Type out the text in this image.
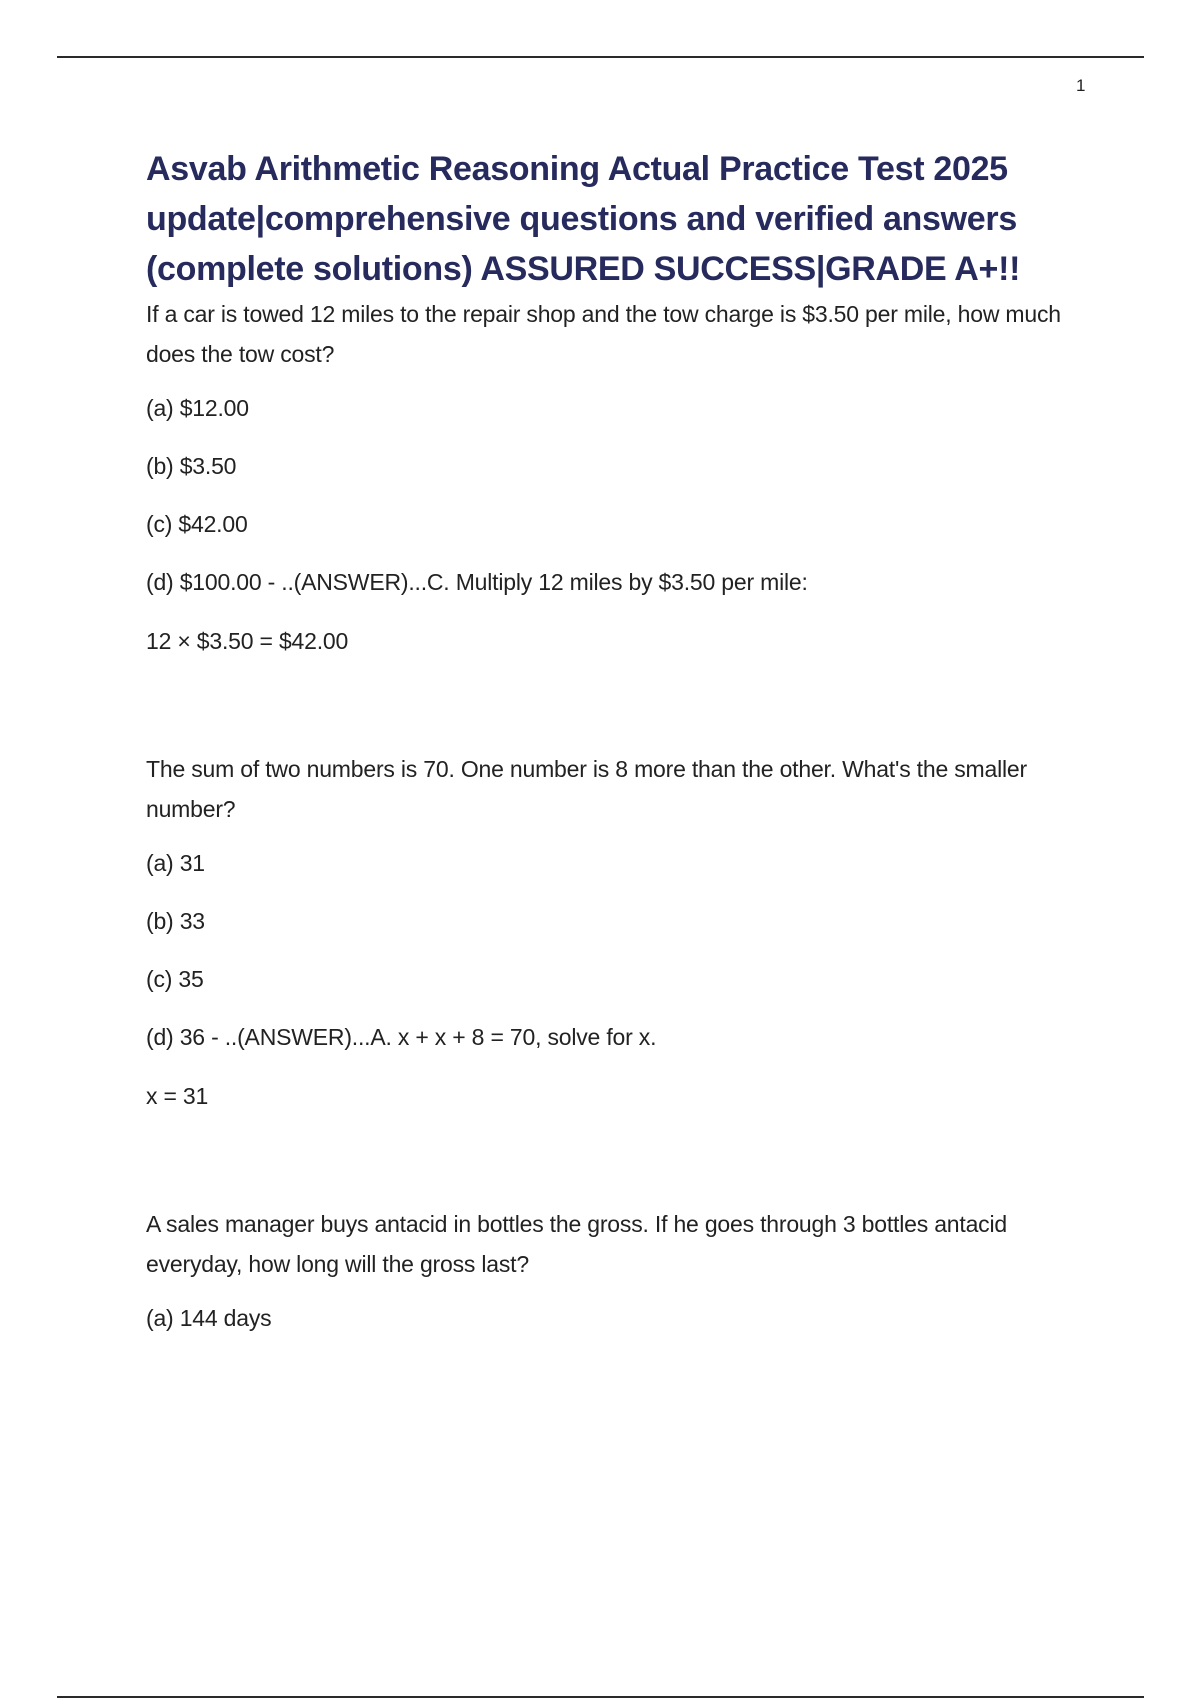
1
Asvab Arithmetic Reasoning Actual Practice Test 2025 update|comprehensive questions and verified answers (complete solutions) ASSURED SUCCESS|GRADE A+!!

If a car is towed 12 miles to the repair shop and the tow charge is $3.50 per mile, how much does the tow cost?

(a) $12.00

(b) $3.50

(c) $42.00

(d) $100.00 - ..(ANSWER)...C. Multiply 12 miles by $3.50 per mile:

12 × $3.50 = $42.00

The sum of two numbers is 70. One number is 8 more than the other. What's the smaller number?

(a) 31

(b) 33

(c) 35

(d) 36 - ..(ANSWER)...A. x + x + 8 = 70, solve for x.

x = 31

A sales manager buys antacid in bottles the gross. If he goes through 3 bottles antacid everyday, how long will the gross last?

(a) 144 days
